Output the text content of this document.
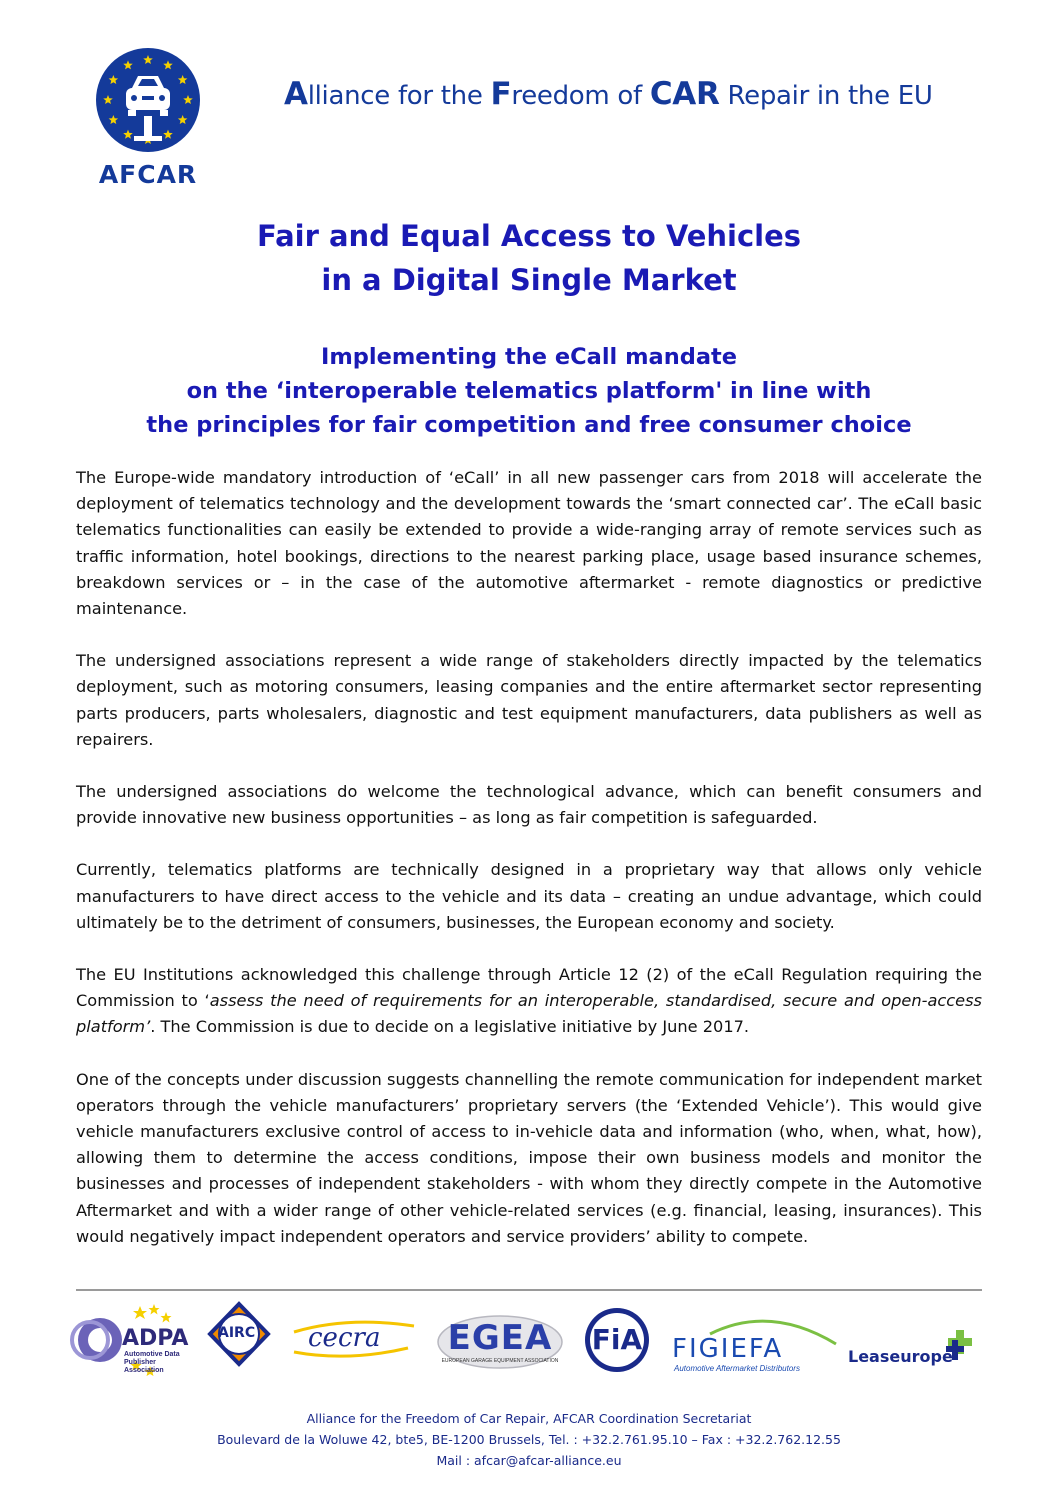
AFCAR
Alliance for the Freedom of CAR Repair in the EU
Fair and Equal Access to Vehicles
in a Digital Single Market
Implementing the eCall mandate
on the ‘interoperable telematics platform' in line with
the principles for fair competition and free consumer choice

The Europe-wide mandatory introduction of ‘eCall’ in all new passenger cars from 2018 will accelerate the deployment of telematics technology and the development towards the ‘smart connected car’. The eCall basic telematics functionalities can easily be extended to provide a wide-ranging array of remote services such as traffic information, hotel bookings, directions to the nearest parking place, usage based insurance schemes, breakdown services or – in the case of the automotive aftermarket - remote diagnostics or predictive maintenance.

The undersigned associations represent a wide range of stakeholders directly impacted by the telematics deployment, such as motoring consumers, leasing companies and the entire aftermarket sector representing parts producers, parts wholesalers, diagnostic and test equipment manufacturers, data publishers as well as repairers.

The undersigned associations do welcome the technological advance, which can benefit consumers and provide innovative new business opportunities – as long as fair competition is safeguarded.

Currently, telematics platforms are technically designed in a proprietary way that allows only vehicle manufacturers to have direct access to the vehicle and its data – creating an undue advantage, which could ultimately be to the detriment of consumers, businesses, the European economy and society.

The EU Institutions acknowledged this challenge through Article 12 (2) of the eCall Regulation requiring the Commission to ‘assess the need of requirements for an interoperable, standardised, secure and open-access platform’. The Commission is due to decide on a legislative initiative by June 2017.

One of the concepts under discussion suggests channelling the remote communication for independent market operators through the vehicle manufacturers’ proprietary servers (the ‘Extended Vehicle’). This would give vehicle manufacturers exclusive control of access to in-vehicle data and information (who, when, what, how), allowing them to determine the access conditions, impose their own business models and monitor the businesses and processes of independent stakeholders - with whom they directly compete in the Automotive Aftermarket and with a wider range of other vehicle-related services (e.g. financial, leasing, insurances). This would negatively impact independent operators and service providers’ ability to compete.

ADPA
Automotive Data
Publisher Association
AIRC cecra	EGEA
EUROPEAN GARAGE EQUIPMENT ASSOCIATION
FiA	FIGIEFA
Automotive Aftermarket Distributors
Leaseurope
Alliance for the Freedom of Car Repair, AFCAR Coordination Secretariat
Boulevard de la Woluwe 42, bte5, BE-1200 Brussels, Tel. : +32.2.761.95.10 – Fax : +32.2.762.12.55
Mail : afcar@afcar-alliance.eu
